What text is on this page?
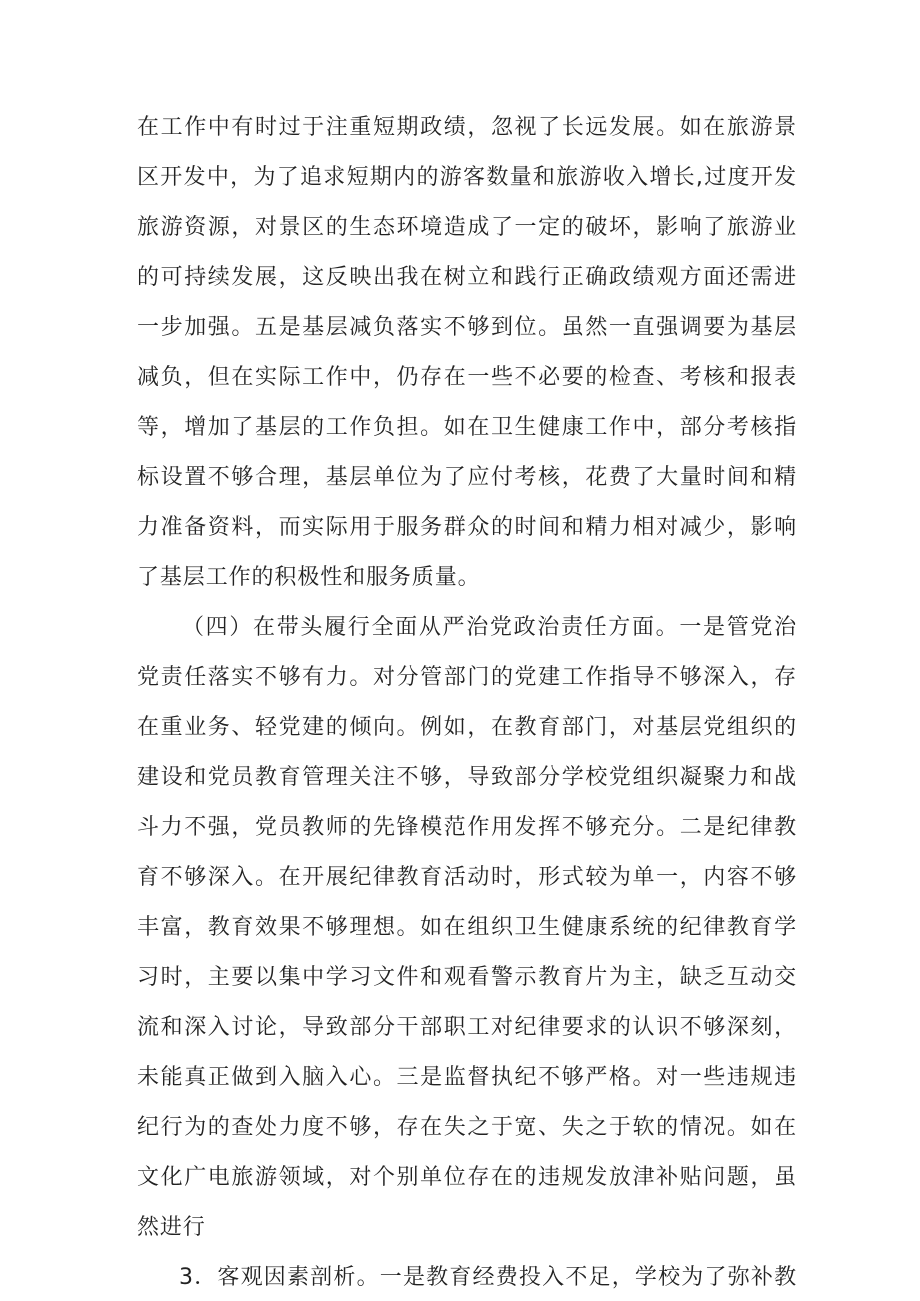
在工作中有时过于注重短期政绩，忽视了长远发展。如在旅游景
区开发中，为了追求短期内的游客数量和旅游收入增长,过度开发
旅游资源，对景区的生态环境造成了一定的破坏，影响了旅游业
的可持续发展，这反映出我在树立和践行正确政绩观方面还需进
一步加强。五是基层减负落实不够到位。虽然一直强调要为基层
减负，但在实际工作中，仍存在一些不必要的检查、考核和报表
等，增加了基层的工作负担。如在卫生健康工作中，部分考核指
标设置不够合理，基层单位为了应付考核，花费了大量时间和精
力准备资料，而实际用于服务群众的时间和精力相对减少，影响
了基层工作的积极性和服务质量。
（四）在带头履行全面从严治党政治责任方面。一是管党治
党责任落实不够有力。对分管部门的党建工作指导不够深入，存
在重业务、轻党建的倾向。例如，在教育部门，对基层党组织的
建设和党员教育管理关注不够，导致部分学校党组织凝聚力和战
斗力不强，党员教师的先锋模范作用发挥不够充分。二是纪律教
育不够深入。在开展纪律教育活动时，形式较为单一，内容不够
丰富，教育效果不够理想。如在组织卫生健康系统的纪律教育学
习时，主要以集中学习文件和观看警示教育片为主，缺乏互动交
流和深入讨论，导致部分干部职工对纪律要求的认识不够深刻，
未能真正做到入脑入心。三是监督执纪不够严格。对一些违规违
纪行为的查处力度不够，存在失之于宽、失之于软的情况。如在
文化广电旅游领域，对个别单位存在的违规发放津补贴问题，虽
然进行
3．客观因素剖析。一是教育经费投入不足，学校为了弥补教
